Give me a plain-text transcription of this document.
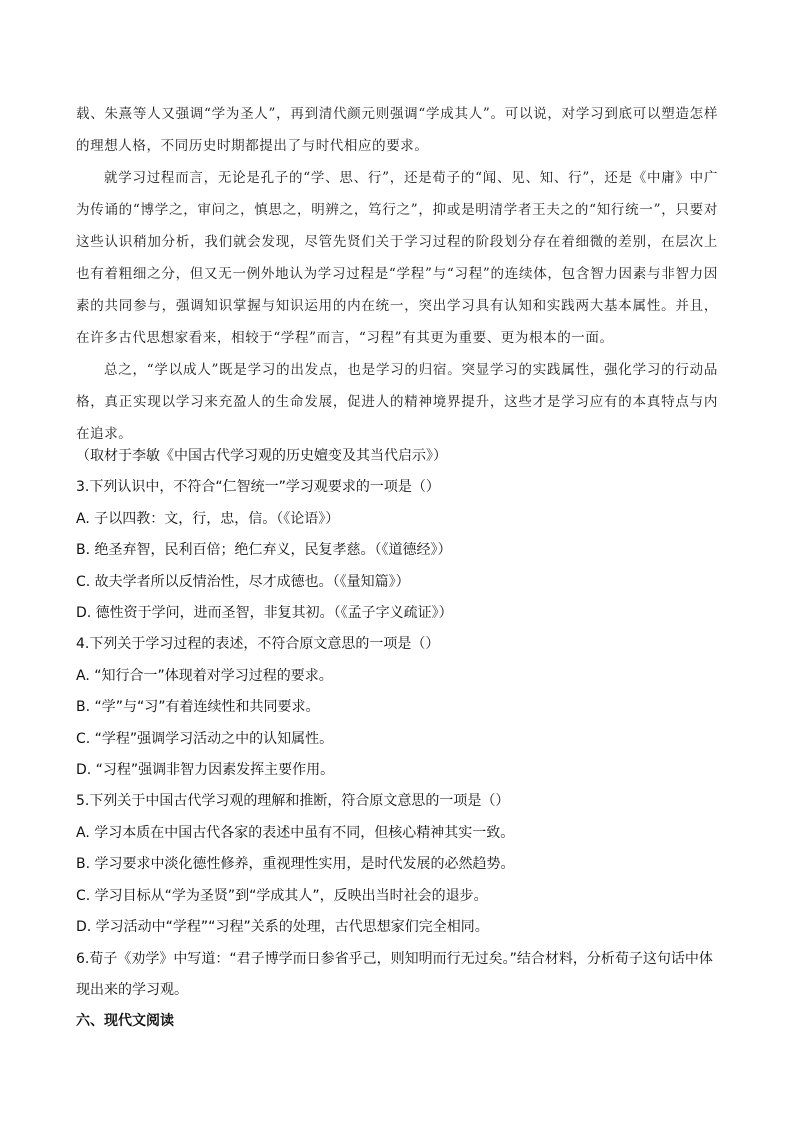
载、朱熹等人又强调“学为圣人”，再到清代颜元则强调“学成其人”。可以说，对学习到底可以塑造怎样的理想人格，不同历史时期都提出了与时代相应的要求。

就学习过程而言，无论是孔子的“学、思、行”，还是荀子的“闻、见、知、行”，还是《中庸》中广为传诵的“博学之，审问之，慎思之，明辨之，笃行之”，抑或是明清学者王夫之的“知行统一”，只要对这些认识稍加分析，我们就会发现，尽管先贤们关于学习过程的阶段划分存在着细微的差别，在层次上也有着粗细之分，但又无一例外地认为学习过程是“学程”与“习程”的连续体，包含智力因素与非智力因素的共同参与，强调知识掌握与知识运用的内在统一，突出学习具有认知和实践两大基本属性。并且，在许多古代思想家看来，相较于“学程”而言，“习程”有其更为重要、更为根本的一面。

总之，“学以成人”既是学习的出发点，也是学习的归宿。突显学习的实践属性，强化学习的行动品格，真正实现以学习来充盈人的生命发展，促进人的精神境界提升，这些才是学习应有的本真特点与内在追求。

（取材于李敏《中国古代学习观的历史嬗变及其当代启示》）
3.下列认识中，不符合“仁智统一”学习观要求的一项是（）
A. 子以四教：文，行，忠，信。（《论语》）
B. 绝圣弃智，民利百倍；绝仁弃义，民复孝慈。（《道德经》）
C. 故夫学者所以反情治性，尽才成德也。（《量知篇》）
D. 德性资于学问，进而圣智，非复其初。（《孟子字义疏证》）
4.下列关于学习过程的表述，不符合原文意思的一项是（）
A. “知行合一”体现着对学习过程的要求。
B. “学”与“习”有着连续性和共同要求。
C. “学程”强调学习活动之中的认知属性。
D. “习程”强调非智力因素发挥主要作用。
5.下列关于中国古代学习观的理解和推断，符合原文意思的一项是（）
A. 学习本质在中国古代各家的表述中虽有不同，但核心精神其实一致。
B. 学习要求中淡化德性修养，重视理性实用，是时代发展的必然趋势。
C. 学习目标从“学为圣贤”到“学成其人”，反映出当时社会的退步。
D. 学习活动中“学程”“习程”关系的处理，古代思想家们完全相同。
6.荀子《劝学》中写道：“君子博学而日参省乎己，则知明而行无过矣。”结合材料，分析荀子这句话中体现出来的学习观。
六、现代文阅读
